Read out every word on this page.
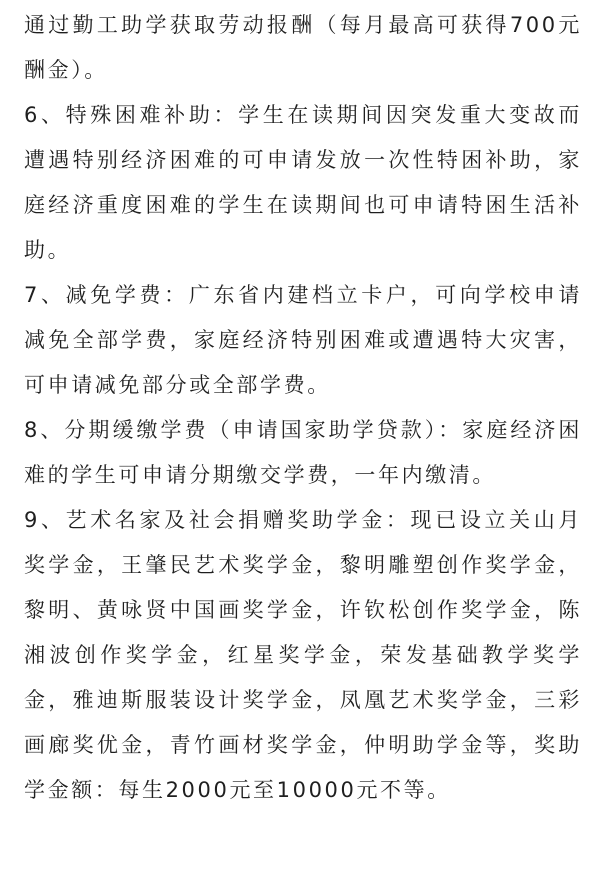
通过勤工助学获取劳动报酬（每月最高可获得700元酬金）。

6、特殊困难补助：学生在读期间因突发重大变故而遭遇特别经济困难的可申请发放一次性特困补助，家庭经济重度困难的学生在读期间也可申请特困生活补助。

7、减免学费：广东省内建档立卡户，可向学校申请减免全部学费，家庭经济特别困难或遭遇特大灾害，可申请减免部分或全部学费。

8、分期缓缴学费（申请国家助学贷款）：家庭经济困难的学生可申请分期缴交学费，一年内缴清。

9、艺术名家及社会捐赠奖助学金：现已设立关山月奖学金，王肇民艺术奖学金，黎明雕塑创作奖学金，黎明、黄咏贤中国画奖学金，许钦松创作奖学金，陈湘波创作奖学金，红星奖学金，荣发基础教学奖学金，雅迪斯服装设计奖学金，凤凰艺术奖学金，三彩画廊奖优金，青竹画材奖学金，仲明助学金等，奖助学金额：每生2000元至10000元不等。
